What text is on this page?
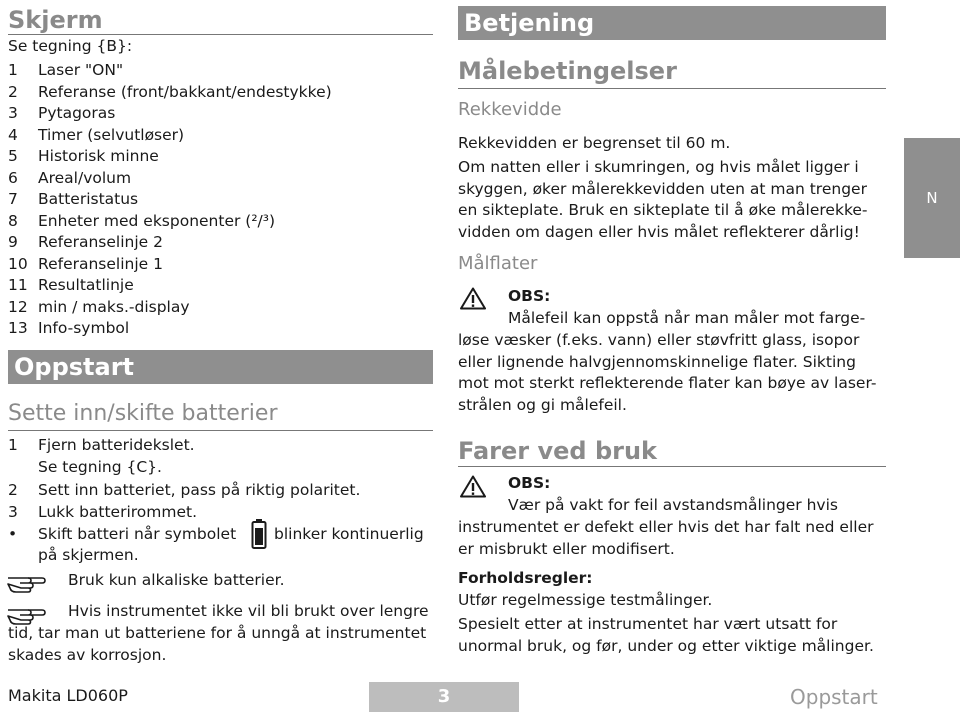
Skjerm
Se tegning {B}:
1 Laser "ON"
2 Referanse (front/bakkant/endestykke)
3 Pytagoras
4 Timer (selvutløser)
5 Historisk minne
6 Areal/volum
7 Batteristatus
8 Enheter med eksponenter (²/³)
9 Referanselinje 2
10 Referanselinje 1
11 Resultatlinje
12 min / maks.-display
13 Info-symbol
Oppstart
Sette inn/skifte batterier
1 Fjern batteridekslet.
Se tegning {C}.
2 Sett inn batteriet, pass på riktig polaritet.
3 Lukk batterirommet.
• Skift batteri når symbolet blinker kontinuerlig
på skjermen.
Bruk kun alkaliske batterier.
Hvis instrumentet ikke vil bli brukt over lengre
tid, tar man ut batteriene for å unngå at instrumentet
skades av korrosjon.
Betjening
Målebetingelser
Rekkevidde
Rekkevidden er begrenset til 60 m.
Om natten eller i skumringen, og hvis målet ligger i
skyggen, øker målerekkevidden uten at man trenger
en sikteplate. Bruk en sikteplate til å øke målerekke-
vidden om dagen eller hvis målet reflekterer dårlig!
Målflater
OBS:
Målefeil kan oppstå når man måler mot farge-
løse væsker (f.eks. vann) eller støvfritt glass, isopor
eller lignende halvgjennomskinnelige flater. Sikting
mot mot sterkt reflekterende flater kan bøye av laser-
strålen og gi målefeil.
Farer ved bruk
OBS:
Vær på vakt for feil avstandsmålinger hvis
instrumentet er defekt eller hvis det har falt ned eller
er misbrukt eller modifisert.
Forholdsregler:
Utfør regelmessige testmålinger.
Spesielt etter at instrumentet har vært utsatt for
unormal bruk, og før, under og etter viktige målinger.
N
Makita LD060P	3	Oppstart
